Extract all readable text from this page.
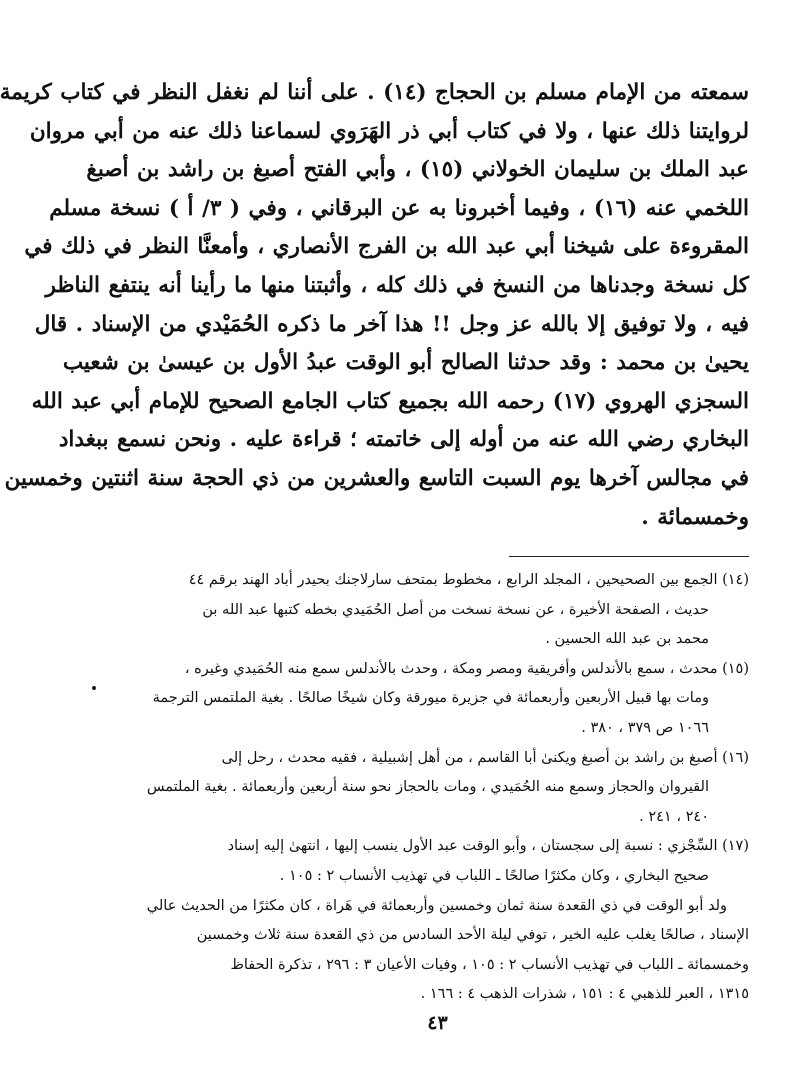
سمعته من الإمام مسلم بن الحجاج (١٤) . على أننا لم نغفل النظر في كتاب كريمة
لروايتنا ذلك عنها ، ولا في كتاب أبي ذر الهَرَوي لسماعنا ذلك عنه من أبي مروان
عبد الملك بن سليمان الخولاني (١٥) ، وأبي الفتح أصبغ بن راشد بن أصبغ
اللخمي عنه (١٦) ، وفيما أخبرونا به عن البرقاني ، وفي ( ٣/ أ ) نسخة مسلم
المقروءة على شيخنا أبي عبد الله بن الفرج الأنصاري ، وأمعنَّا النظر في ذلك في
كل نسخة وجدناها من النسخ في ذلك كله ، وأثبتنا منها ما رأينا أنه ينتفع الناظر
فيه ، ولا توفيق إلا بالله عز وجل !! هذا آخر ما ذكره الحُمَيْدي من الإسناد . قال
يحيىٰ بن محمد : وقد حدثنا الصالح أبو الوقت عبدُ الأول بن عيسىٰ بن شعيب
السجزي الهروي (١٧) رحمه الله بجميع كتاب الجامع الصحيح للإمام أبي عبد الله
البخاري رضي الله عنه من أوله إلى خاتمته ؛ قراءة عليه . ونحن نسمع ببغداد
في مجالس آخرها يوم السبت التاسع والعشرين من ذي الحجة سنة اثنتين وخمسين
وخمسمائة .
(١٤) الجمع بين الصحيحين ، المجلد الرابع ، مخطوط بمتحف سارلاجنك بحيدر أباد الهند برقم ٤٤
حديث ، الصفحة الأخيرة ، عن نسخة نسخت من أصل الحُمَيدي بخطه كتبها عبد الله بن
محمد بن عبد الله الحسين .
(١٥) محدث ، سمع بالأندلس وأفريقية ومصر ومكة ، وحدث بالأندلس سمع منه الحُمَيدي وغيره ،
ومات بها قبيل الأربعين وأربعمائة في جزيرة ميورقة وكان شيخًا صالحًا . بغية الملتمس الترجمة
١٠٦٦ ص ٣٧٩ ، ٣٨٠ .
(١٦) أصبغ بن راشد بن أصبغ ويكنىٰ أبا القاسم ، من أهل إشبيلية ، فقيه محدث ، رحل إلى
القيروان والحجاز وسمع منه الحُمَيدي ، ومات بالحجاز نحو سنة أربعين وأربعمائة . بغية الملتمس
٢٤٠ ، ٢٤١ .
(١٧) السِّجْزي : نسبة إلى سجستان ، وأبو الوقت عبد الأول ينسب إليها ، انتهىٰ إليه إسناد
صحيح البخاري ، وكان مكثرًا صالحًا ـ اللباب في تهذيب الأنساب ٢ : ١٠٥ .
ولد أبو الوقت في ذي القعدة سنة ثمان وخمسين وأربعمائة في هَراة ، كان مكثرًا من الحديث عالي
الإسناد ، صالحًا يغلب عليه الخير ، توفي ليلة الأحد السادس من ذي القعدة سنة ثلاث وخمسين
وخمسمائة ـ اللباب في تهذيب الأنساب ٢ : ١٠٥ ، وفيات الأعيان ٣ : ٢٩٦ ، تذكرة الحفاظ
١٣١٥ ، العبر للذهبي ٤ : ١٥١ ، شذرات الذهب ٤ : ١٦٦ .
٤٣
